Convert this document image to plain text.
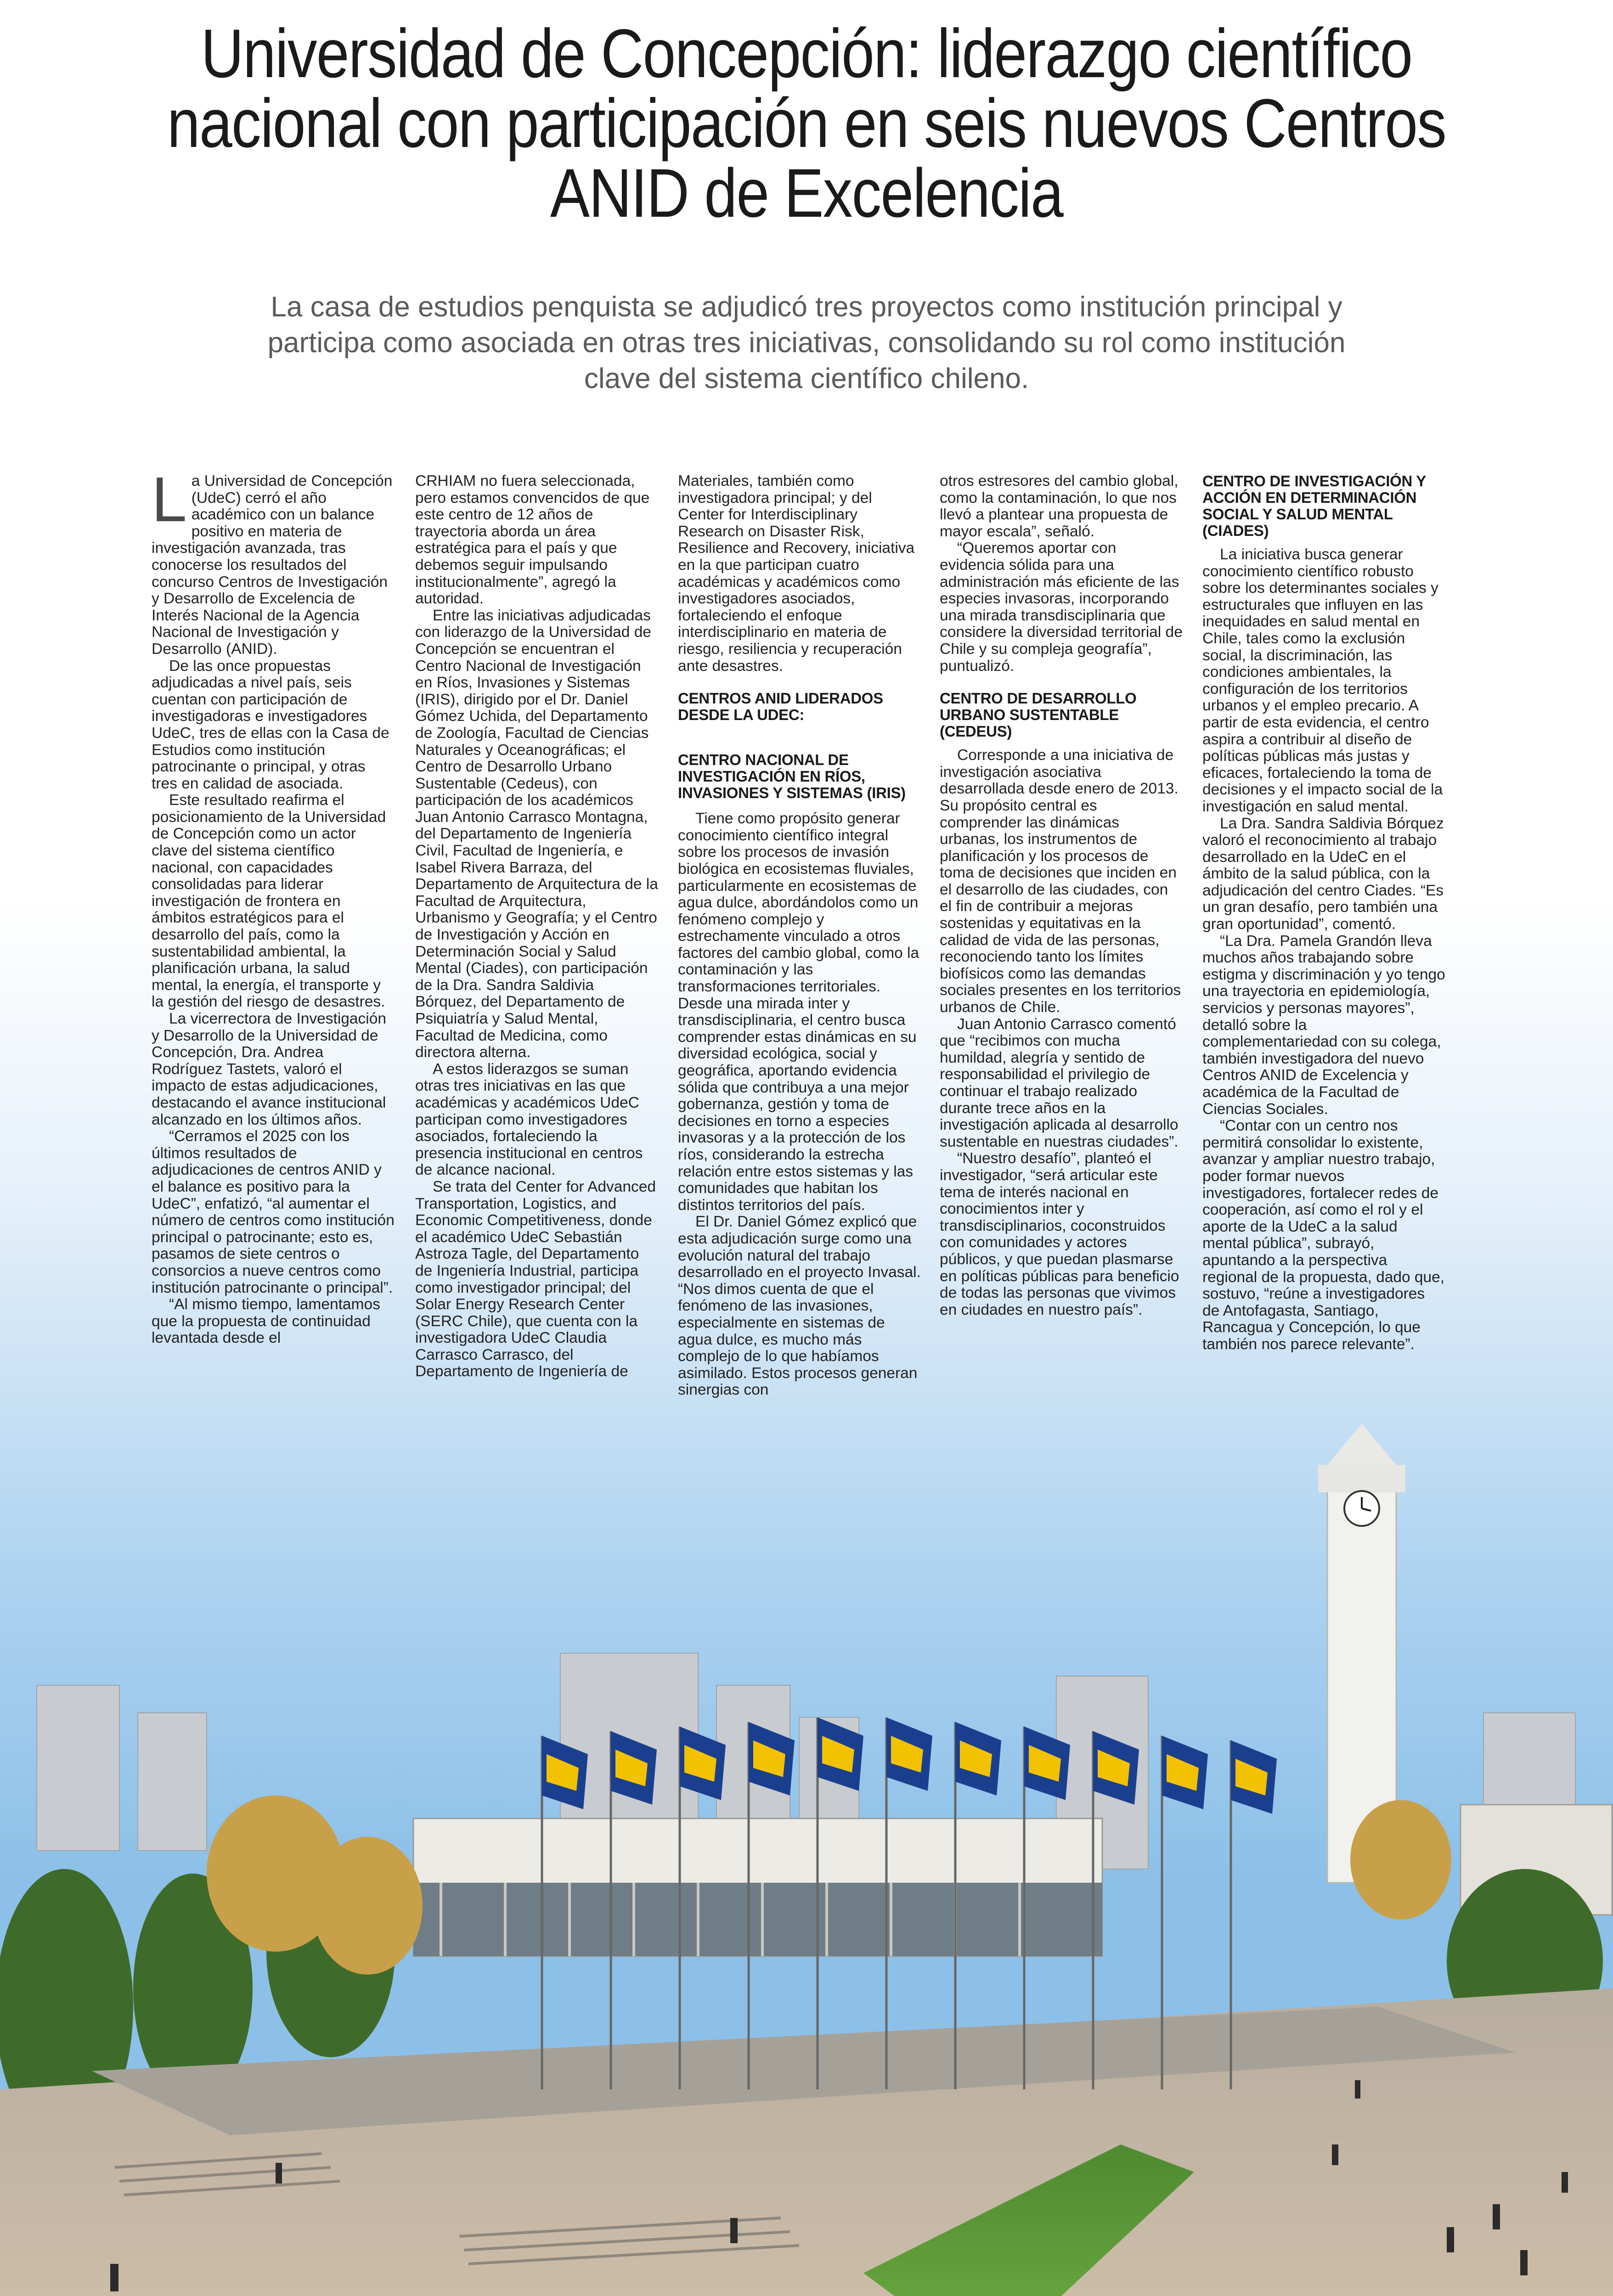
Universidad de Concepción: liderazgo científico nacional con participación en seis nuevos Centros ANID de Excelencia

La casa de estudios penquista se adjudicó tres proyectos como institución principal y participa como asociada en otras tres iniciativas, consolidando su rol como institución clave del sistema científico chileno.

La Universidad de Concepción (UdeC) cerró el año académico con un balance positivo en materia de investigación avanzada, tras conocerse los resultados del concurso Centros de Investigación y Desarrollo de Excelencia de Interés Nacional de la Agencia Nacional de Investigación y Desarrollo (ANID).

De las once propuestas adjudicadas a nivel país, seis cuentan con participación de investigadoras e investigadores UdeC, tres de ellas con la Casa de Estudios como institución patrocinante o principal, y otras tres en calidad de asociada.

Este resultado reafirma el posicionamiento de la Universidad de Concepción como un actor clave del sistema científico nacional, con capacidades consolidadas para liderar investigación de frontera en ámbitos estratégicos para el desarrollo del país, como la sustentabilidad ambiental, la planificación urbana, la salud mental, la energía, el transporte y la gestión del riesgo de desastres.

La vicerrectora de Investigación y Desarrollo de la Universidad de Concepción, Dra. Andrea Rodríguez Tastets, valoró el impacto de estas adjudicaciones, destacando el avance institucional alcanzado en los últimos años.

“Cerramos el 2025 con los últimos resultados de adjudicaciones de centros ANID y el balance es positivo para la UdeC”, enfatizó, “al aumentar el número de centros como institución principal o patrocinante; esto es, pasamos de siete centros o consorcios a nueve centros como institución patrocinante o principal”.

“Al mismo tiempo, lamentamos que la propuesta de continuidad levantada desde el

CRHIAM no fuera seleccionada, pero estamos convencidos de que este centro de 12 años de trayectoria aborda un área estratégica para el país y que debemos seguir impulsando institucionalmente”, agregó la autoridad.

Entre las iniciativas adjudicadas con liderazgo de la Universidad de Concepción se encuentran el Centro Nacional de Investigación en Ríos, Invasiones y Sistemas (IRIS), dirigido por el Dr. Daniel Gómez Uchida, del Departamento de Zoología, Facultad de Ciencias Naturales y Oceanográficas; el Centro de Desarrollo Urbano Sustentable (Cedeus), con participación de los académicos Juan Antonio Carrasco Montagna, del Departamento de Ingeniería Civil, Facultad de Ingeniería, e Isabel Rivera Barraza, del Departamento de Arquitectura de la Facultad de Arquitectura, Urbanismo y Geografía; y el Centro de Investigación y Acción en Determinación Social y Salud Mental (Ciades), con participación de la Dra. Sandra Saldivia Bórquez, del Departamento de Psiquiatría y Salud Mental, Facultad de Medicina, como directora alterna.

A estos liderazgos se suman otras tres iniciativas en las que académicas y académicos UdeC participan como investigadores asociados, fortaleciendo la presencia institucional en centros de alcance nacional.

Se trata del Center for Advanced Transportation, Logistics, and Economic Competitiveness, donde el académico UdeC Sebastián Astroza Tagle, del Departamento de Ingeniería Industrial, participa como investigador principal; del Solar Energy Research Center (SERC Chile), que cuenta con la investigadora UdeC Claudia Carrasco Carrasco, del Departamento de Ingeniería de

Materiales, también como investigadora principal; y del Center for Interdisciplinary Research on Disaster Risk, Resilience and Recovery, iniciativa en la que participan cuatro académicas y académicos como investigadores asociados, fortaleciendo el enfoque interdisciplinario en materia de riesgo, resiliencia y recuperación ante desastres.

CENTROS ANID LIDERADOS DESDE LA UDEC:
CENTRO NACIONAL DE INVESTIGACIÓN EN RÍOS, INVASIONES Y SISTEMAS (IRIS)

Tiene como propósito generar conocimiento científico integral sobre los procesos de invasión biológica en ecosistemas fluviales, particularmente en ecosistemas de agua dulce, abordándolos como un fenómeno complejo y estrechamente vinculado a otros factores del cambio global, como la contaminación y las transformaciones territoriales. Desde una mirada inter y transdisciplinaria, el centro busca comprender estas dinámicas en su diversidad ecológica, social y geográfica, aportando evidencia sólida que contribuya a una mejor gobernanza, gestión y toma de decisiones en torno a especies invasoras y a la protección de los ríos, considerando la estrecha relación entre estos sistemas y las comunidades que habitan los distintos territorios del país.

El Dr. Daniel Gómez explicó que esta adjudicación surge como una evolución natural del trabajo desarrollado en el proyecto Invasal. “Nos dimos cuenta de que el fenómeno de las invasiones, especialmente en sistemas de agua dulce, es mucho más complejo de lo que habíamos asimilado. Estos procesos generan sinergias con

otros estresores del cambio global, como la contaminación, lo que nos llevó a plantear una propuesta de mayor escala”, señaló.

“Queremos aportar con evidencia sólida para una administración más eficiente de las especies invasoras, incorporando una mirada transdisciplinaria que considere la diversidad territorial de Chile y su compleja geografía”, puntualizó.

CENTRO DE DESARROLLO URBANO SUSTENTABLE (CEDEUS)

Corresponde a una iniciativa de investigación asociativa desarrollada desde enero de 2013. Su propósito central es comprender las dinámicas urbanas, los instrumentos de planificación y los procesos de toma de decisiones que inciden en el desarrollo de las ciudades, con el fin de contribuir a mejoras sostenidas y equitativas en la calidad de vida de las personas, reconociendo tanto los límites biofísicos como las demandas sociales presentes en los territorios urbanos de Chile.

Juan Antonio Carrasco comentó que “recibimos con mucha humildad, alegría y sentido de responsabilidad el privilegio de continuar el trabajo realizado durante trece años en la investigación aplicada al desarrollo sustentable en nuestras ciudades”.

“Nuestro desafío”, planteó el investigador, “será articular este tema de interés nacional en conocimientos inter y transdisciplinarios, coconstruidos con comunidades y actores públicos, y que puedan plasmarse en políticas públicas para beneficio de todas las personas que vivimos en ciudades en nuestro país”.

CENTRO DE INVESTIGACIÓN Y ACCIÓN EN DETERMINACIÓN SOCIAL Y SALUD MENTAL (CIADES)

La iniciativa busca generar conocimiento científico robusto sobre los determinantes sociales y estructurales que influyen en las inequidades en salud mental en Chile, tales como la exclusión social, la discriminación, las condiciones ambientales, la configuración de los territorios urbanos y el empleo precario. A partir de esta evidencia, el centro aspira a contribuir al diseño de políticas públicas más justas y eficaces, fortaleciendo la toma de decisiones y el impacto social de la investigación en salud mental.

La Dra. Sandra Saldivia Bórquez valoró el reconocimiento al trabajo desarrollado en la UdeC en el ámbito de la salud pública, con la adjudicación del centro Ciades. “Es un gran desafío, pero también una gran oportunidad”, comentó.

“La Dra. Pamela Grandón lleva muchos años trabajando sobre estigma y discriminación y yo tengo una trayectoria en epidemiología, servicios y personas mayores”, detalló sobre la complementariedad con su colega, también investigadora del nuevo Centros ANID de Excelencia y académica de la Facultad de Ciencias Sociales.

“Contar con un centro nos permitirá consolidar lo existente, avanzar y ampliar nuestro trabajo, poder formar nuevos investigadores, fortalecer redes de cooperación, así como el rol y el aporte de la UdeC a la salud mental pública”, subrayó, apuntando a la perspectiva regional de la propuesta, dado que, sostuvo, “reúne a investigadores de Antofagasta, Santiago, Rancagua y Concepción, lo que también nos parece relevante”.
